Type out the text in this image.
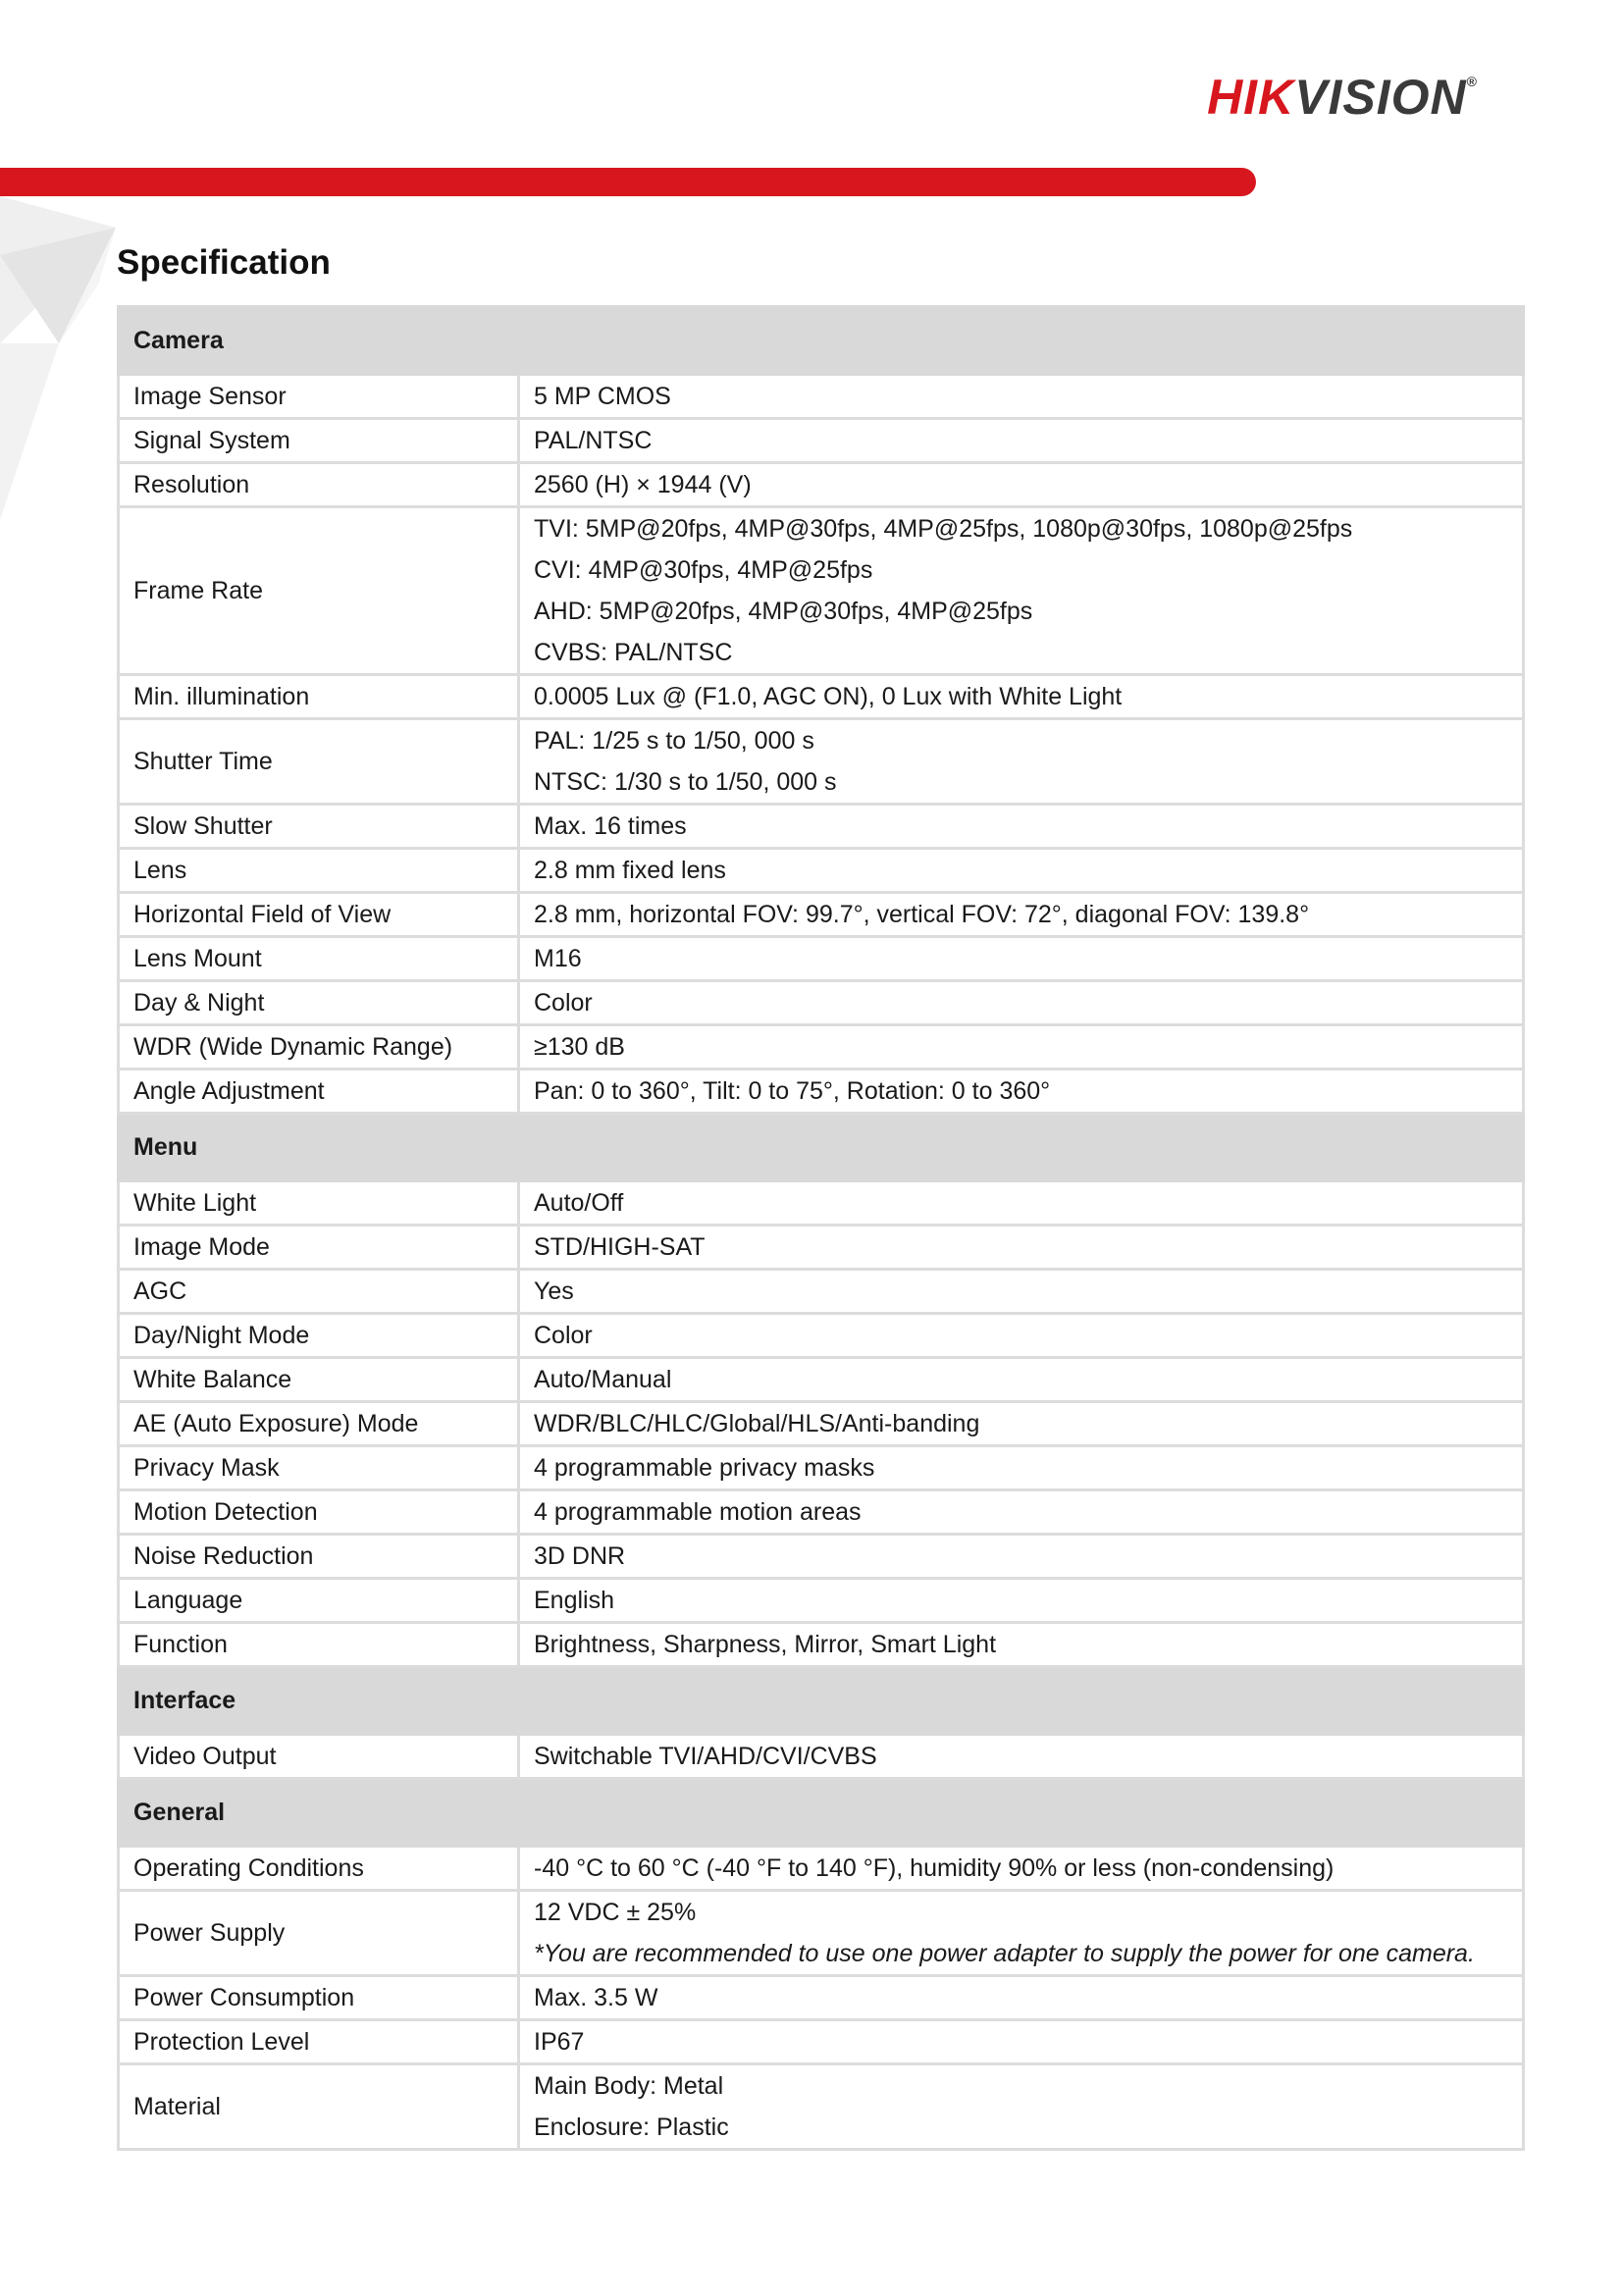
HIKVISION®
Specification
Camera	
Image Sensor	5 MP CMOS

Signal System	PAL/NTSC

Resolution	2560 (H) × 1944 (V)

Frame Rate	TVI: 5MP@20fps, 4MP@30fps, 4MP@25fps, 1080p@30fps, 1080p@25fps
CVI: 4MP@30fps, 4MP@25fps
AHD: 5MP@20fps, 4MP@30fps, 4MP@25fps
CVBS: PAL/NTSC

Min. illumination	0.0005 Lux @ (F1.0, AGC ON), 0 Lux with White Light

Shutter Time	PAL: 1/25 s to 1/50, 000 s
NTSC: 1/30 s to 1/50, 000 s

Slow Shutter	Max. 16 times

Lens	2.8 mm fixed lens

Horizontal Field of View	2.8 mm, horizontal FOV: 99.7°, vertical FOV: 72°, diagonal FOV: 139.8°

Lens Mount	M16

Day & Night	Color

WDR (Wide Dynamic Range)	≥130 dB

Angle Adjustment	Pan: 0 to 360°, Tilt: 0 to 75°, Rotation: 0 to 360°

Menu	
White Light	Auto/Off

Image Mode	STD/HIGH-SAT

AGC	Yes

Day/Night Mode	Color

White Balance	Auto/Manual

AE (Auto Exposure) Mode	WDR/BLC/HLC/Global/HLS/Anti-banding

Privacy Mask	4 programmable privacy masks

Motion Detection	4 programmable motion areas

Noise Reduction	3D DNR

Language	English

Function	Brightness, Sharpness, Mirror, Smart Light

Interface	
Video Output	Switchable TVI/AHD/CVI/CVBS

General	
Operating Conditions	-40 °C to 60 °C (-40 °F to 140 °F), humidity 90% or less (non-condensing)

Power Supply	12 VDC ± 25%
*You are recommended to use one power adapter to supply the power for one camera.

Power Consumption	Max. 3.5 W

Protection Level	IP67

Material	Main Body: Metal
Enclosure: Plastic
